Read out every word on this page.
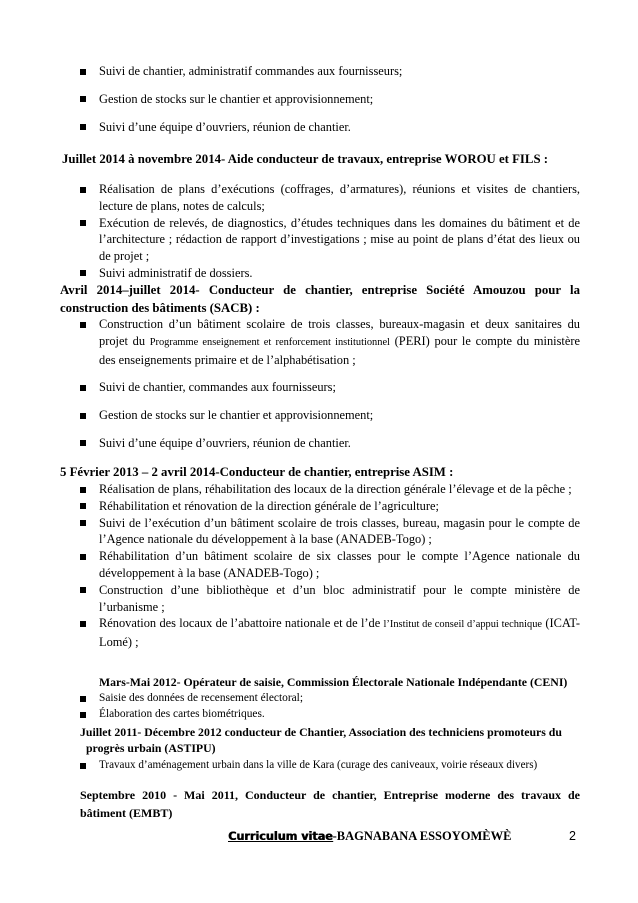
Suivi de chantier, administratif commandes aux fournisseurs;
Gestion de stocks sur le chantier et approvisionnement;
Suivi d’une équipe d’ouvriers, réunion de chantier.
Juillet 2014 à novembre 2014- Aide conducteur de travaux, entreprise WOROU et FILS :
Réalisation de plans d’exécutions (coffrages, d’armatures), réunions et visites de chantiers, lecture de plans, notes de calculs;
Exécution de relevés, de diagnostics, d’études techniques dans les domaines du bâtiment et de l’architecture ; rédaction de rapport d’investigations ; mise au point de plans d’état des lieux ou de projet ;
Suivi administratif de dossiers.
Avril 2014–juillet 2014- Conducteur de chantier, entreprise Société Amouzou pour la construction des bâtiments (SACB) :
Construction d’un bâtiment scolaire de trois classes, bureaux-magasin et deux sanitaires du projet du Programme enseignement et renforcement institutionnel (PERI) pour le compte du ministère des enseignements primaire et de l’alphabétisation ;
Suivi de chantier, commandes aux fournisseurs;
Gestion de stocks sur le chantier et approvisionnement;
Suivi d’une équipe d’ouvriers, réunion de chantier.
5 Février 2013 – 2 avril 2014-Conducteur de chantier, entreprise ASIM :
Réalisation de plans, réhabilitation des locaux de la direction générale l’élevage et de la pêche ;
Réhabilitation et rénovation de la direction générale de l’agriculture;
Suivi de l’exécution d’un bâtiment scolaire de trois classes, bureau, magasin pour le compte de l’Agence nationale du développement à la base (ANADEB-Togo) ;
Réhabilitation d’un bâtiment scolaire de six classes pour le compte l’Agence nationale du développement à la base (ANADEB-Togo) ;
Construction d’une bibliothèque et d’un bloc administratif pour le compte ministère de l’urbanisme ;
Rénovation des locaux de l’abattoire nationale et de l’de l’Institut de conseil d’appui technique (ICAT-Lomé) ;
Mars-Mai 2012- Opérateur de saisie, Commission Électorale Nationale Indépendante (CENI)
Saisie des données de recensement électoral;
Élaboration des cartes biométriques.
Juillet 2011- Décembre 2012 conducteur de Chantier, Association des techniciens promoteurs du
progrès urbain (ASTIPU)
Travaux d’aménagement urbain dans la ville de Kara (curage des caniveaux, voirie réseaux divers)
Septembre 2010 - Mai 2011, Conducteur de chantier, Entreprise moderne des travaux de bâtiment (EMBT)
Curriculum vitae-BAGNABANA ESSOYOMÈWÈ	2
